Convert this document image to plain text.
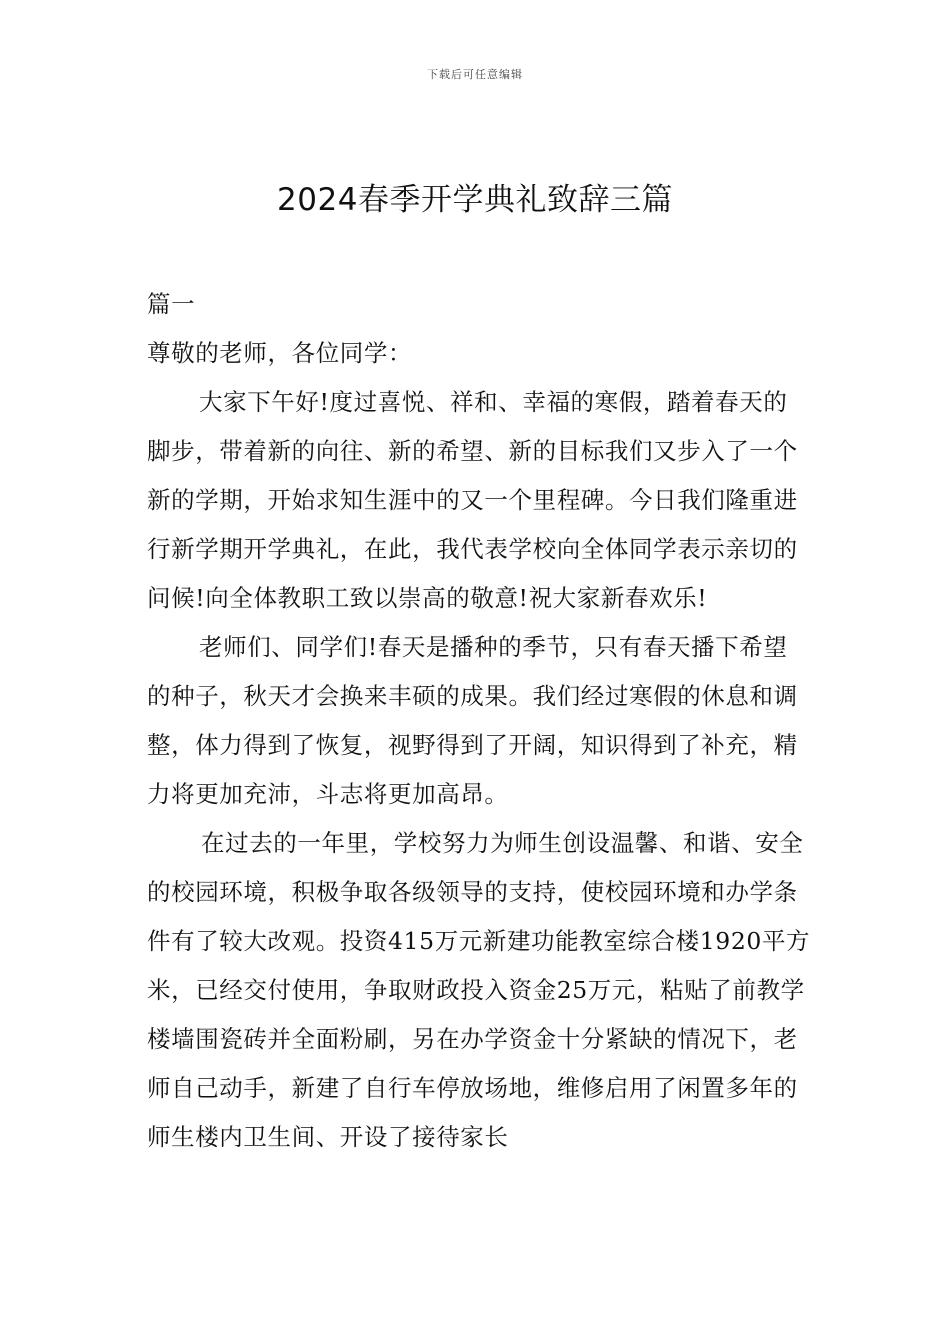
下载后可任意编辑
2024春季开学典礼致辞三篇

篇一

尊敬的老师，各位同学：

大家下午好!度过喜悦、祥和、幸福的寒假，踏着春天的脚步，带着新的向往、新的希望、新的目标我们又步入了一个新的学期，开始求知生涯中的又一个里程碑。今日我们隆重进行新学期开学典礼，在此，我代表学校向全体同学表示亲切的问候!向全体教职工致以崇高的敬意!祝大家新春欢乐!

老师们、同学们!春天是播种的季节，只有春天播下希望的种子，秋天才会换来丰硕的成果。我们经过寒假的休息和调整，体力得到了恢复，视野得到了开阔，知识得到了补充，精力将更加充沛，斗志将更加高昂。

在过去的一年里，学校努力为师生创设温馨、和谐、安全的校园环境，积极争取各级领导的支持，使校园环境和办学条件有了较大改观。投资415万元新建功能教室综合楼1920平方米，已经交付使用，争取财政投入资金25万元，粘贴了前教学楼墙围瓷砖并全面粉刷，另在办学资金十分紧缺的情况下，老师自己动手，新建了自行车停放场地，维修启用了闲置多年的师生楼内卫生间、开设了接待家长
